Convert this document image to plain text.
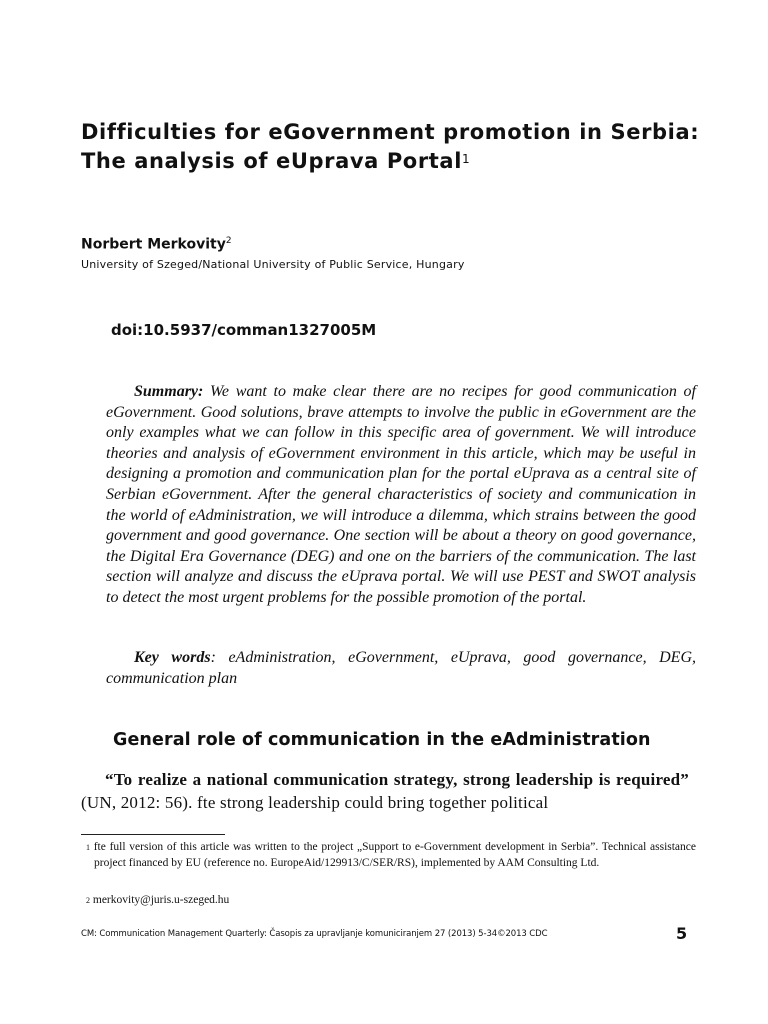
Difficulties for eGovernment promotion in Serbia:
The analysis of eUprava Portal$^1$
Norbert Merkovity$^2$
University of Szeged/National University of Public Service, Hungary
doi:10.5937/comman1327005M

Summary: We want to make clear there are no recipes for good communication of eGovernment. Good solutions, brave attempts to involve the public in eGovernment are the only examples what we can follow in this specific area of government. We will introduce theories and analysis of eGovernment environment in this article, which may be useful in designing a promotion and communication plan for the portal eUprava as a central site of Serbian eGovernment. After the general characteristics of society and communication in the world of eAdministration, we will introduce a dilemma, which strains between the good government and good governance. One section will be about a theory on good governance, the Digital Era Governance (DEG) and one on the barriers of the communication. The last section will analyze and discuss the eUprava portal. We will use PEST and SWOT analysis to detect the most urgent problems for the possible promotion of the portal.

Key words: eAdministration, eGovernment, eUprava, good governance, DEG, communication plan

General role of communication in the eAdministration

“To realize a national communication strategy, strong leadership is required” (UN, 2012: 56). fte strong leadership could bring together political

$^1$ fte full version of this article was written to the project „Support to e-Government development in Serbia”. Technical assistance project financed by EU (reference no. EuropeAid/129913/C/SER/RS), implemented by AAM Consulting Ltd.

$^2$ merkovity@juris.u-szeged.hu

CM: Communication Management Quarterly: Časopis za upravljanje komuniciranjem 27 (2013) 5-34©2013 CDC	5
